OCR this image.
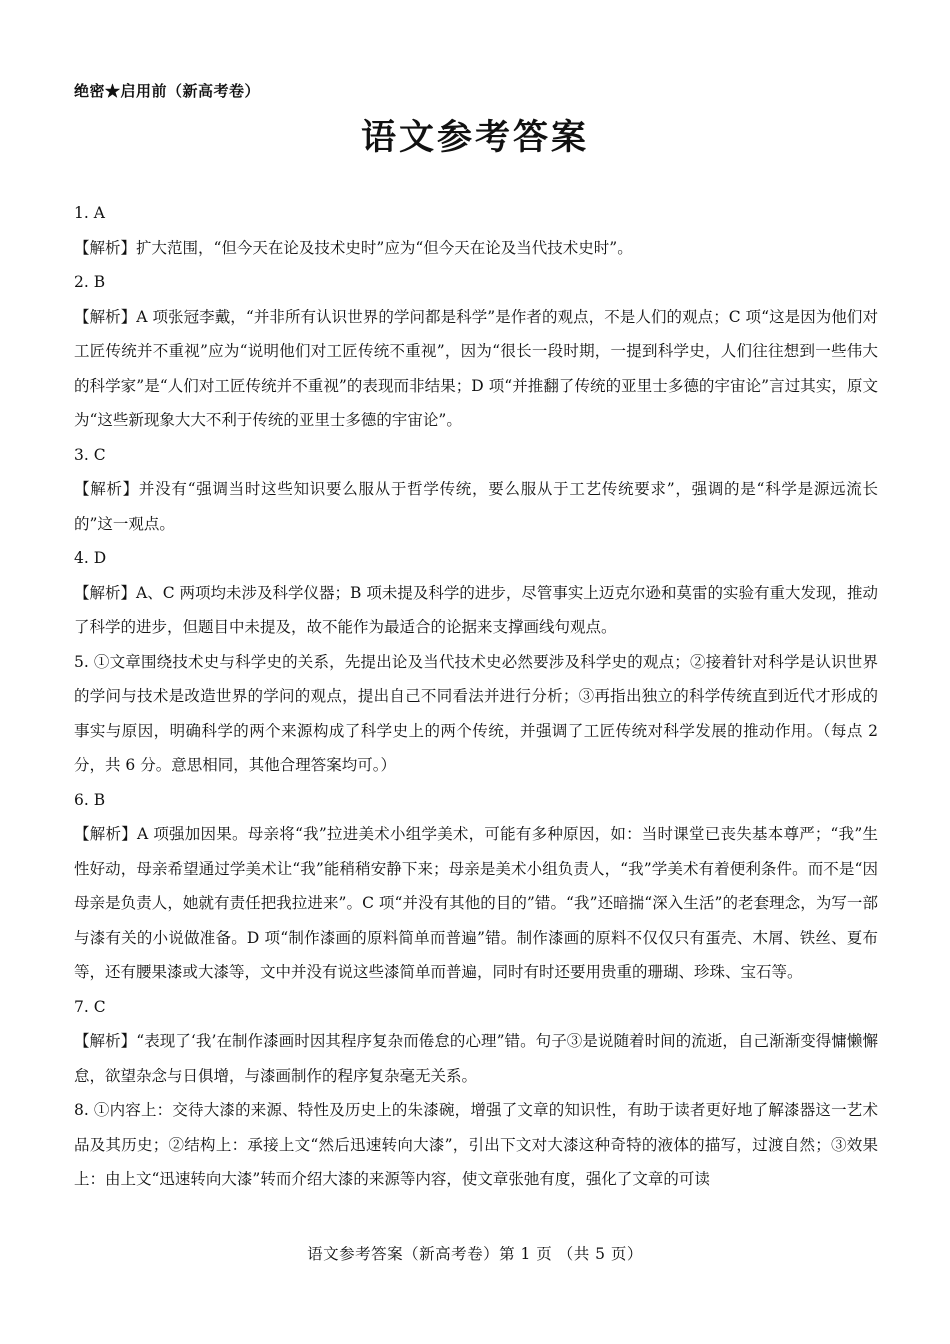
绝密★启用前（新高考卷）
语文参考答案

1. A

【解析】扩大范围，“但今天在论及技术史时”应为“但今天在论及当代技术史时”。

2. B

【解析】A 项张冠李戴，“并非所有认识世界的学问都是科学”是作者的观点，不是人们的观点；C 项“这是因为他们对工匠传统并不重视”应为“说明他们对工匠传统不重视”，因为“很长一段时期，一提到科学史，人们往往想到一些伟大的科学家”是“人们对工匠传统并不重视”的表现而非结果；D 项“并推翻了传统的亚里士多德的宇宙论”言过其实，原文为“这些新现象大大不利于传统的亚里士多德的宇宙论”。

3. C

【解析】并没有“强调当时这些知识要么服从于哲学传统，要么服从于工艺传统要求”，强调的是“科学是源远流长的”这一观点。

4. D

【解析】A、C 两项均未涉及科学仪器；B 项未提及科学的进步，尽管事实上迈克尔逊和莫雷的实验有重大发现，推动了科学的进步，但题目中未提及，故不能作为最适合的论据来支撑画线句观点。

5. ①文章围绕技术史与科学史的关系，先提出论及当代技术史必然要涉及科学史的观点；②接着针对科学是认识世界的学问与技术是改造世界的学问的观点，提出自己不同看法并进行分析；③再指出独立的科学传统直到近代才形成的事实与原因，明确科学的两个来源构成了科学史上的两个传统，并强调了工匠传统对科学发展的推动作用。（每点 2 分，共 6 分。意思相同，其他合理答案均可。）

6. B

【解析】A 项强加因果。母亲将“我”拉进美术小组学美术，可能有多种原因，如：当时课堂已丧失基本尊严；“我”生性好动，母亲希望通过学美术让“我”能稍稍安静下来；母亲是美术小组负责人，“我”学美术有着便利条件。而不是“因母亲是负责人，她就有责任把我拉进来”。C 项“并没有其他的目的”错。“我”还暗揣“深入生活”的老套理念，为写一部与漆有关的小说做准备。D 项“制作漆画的原料简单而普遍”错。制作漆画的原料不仅仅只有蛋壳、木屑、铁丝、夏布等，还有腰果漆或大漆等，文中并没有说这些漆简单而普遍，同时有时还要用贵重的珊瑚、珍珠、宝石等。

7. C

【解析】“表现了‘我’在制作漆画时因其程序复杂而倦怠的心理”错。句子③是说随着时间的流逝，自己渐渐变得慵懒懈怠，欲望杂念与日俱增，与漆画制作的程序复杂毫无关系。

8. ①内容上：交待大漆的来源、特性及历史上的朱漆碗，增强了文章的知识性，有助于读者更好地了解漆器这一艺术品及其历史；②结构上：承接上文“然后迅速转向大漆”，引出下文对大漆这种奇特的液体的描写，过渡自然；③效果上：由上文“迅速转向大漆”转而介绍大漆的来源等内容，使文章张弛有度，强化了文章的可读

语文参考答案（新高考卷）第 1 页 （共 5 页）
